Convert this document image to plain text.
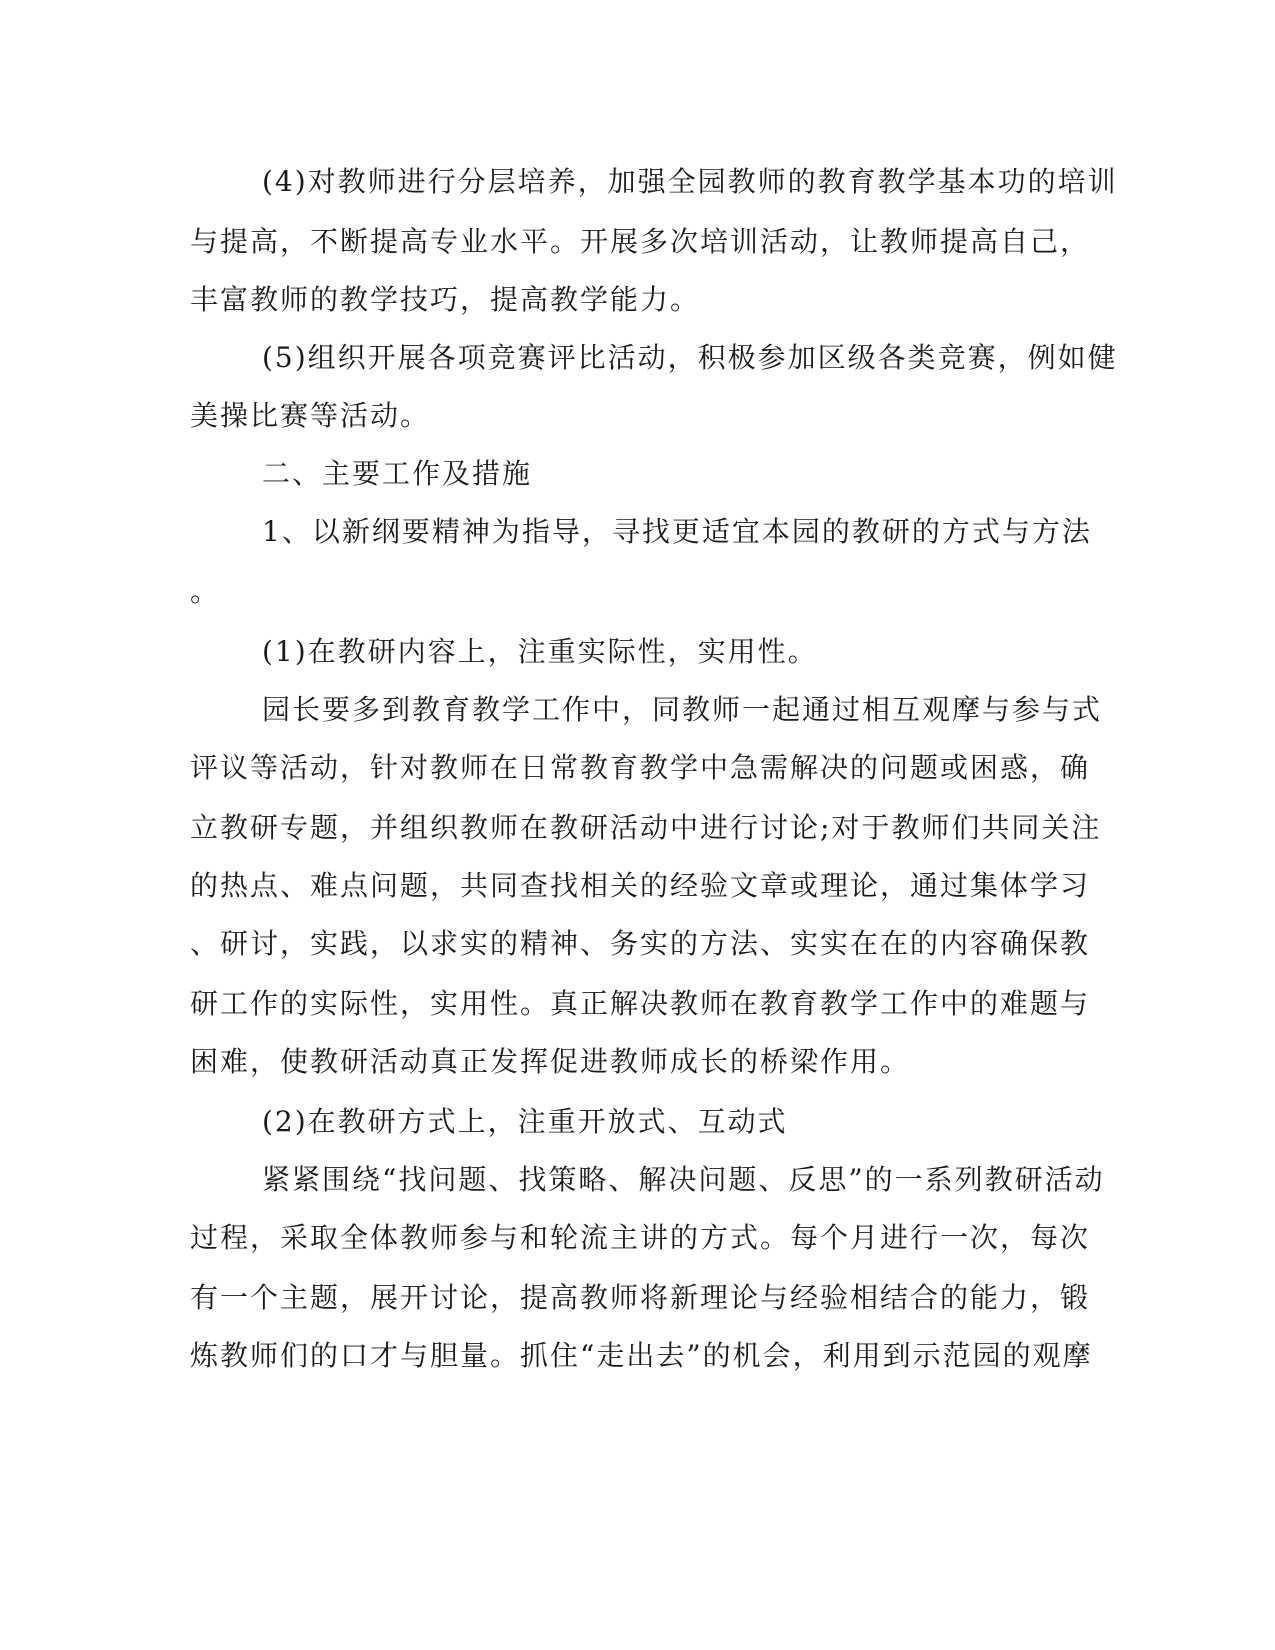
(4)对教师进行分层培养，加强全园教师的教育教学基本功的培训
与提高，不断提高专业水平。开展多次培训活动，让教师提高自己，
丰富教师的教学技巧，提高教学能力。
(5)组织开展各项竞赛评比活动，积极参加区级各类竞赛，例如健
美操比赛等活动。
二、主要工作及措施
1、以新纲要精神为指导，寻找更适宜本园的教研的方式与方法
。
(1)在教研内容上，注重实际性，实用性。
园长要多到教育教学工作中，同教师一起通过相互观摩与参与式
评议等活动，针对教师在日常教育教学中急需解决的问题或困惑，确
立教研专题，并组织教师在教研活动中进行讨论;对于教师们共同关注
的热点、难点问题，共同查找相关的经验文章或理论，通过集体学习
、研讨，实践，以求实的精神、务实的方法、实实在在的内容确保教
研工作的实际性，实用性。真正解决教师在教育教学工作中的难题与
困难，使教研活动真正发挥促进教师成长的桥梁作用。
(2)在教研方式上，注重开放式、互动式
紧紧围绕“找问题、找策略、解决问题、反思”的一系列教研活动
过程，采取全体教师参与和轮流主讲的方式。每个月进行一次，每次
有一个主题，展开讨论，提高教师将新理论与经验相结合的能力，锻
炼教师们的口才与胆量。抓住“走出去”的机会，利用到示范园的观摩
